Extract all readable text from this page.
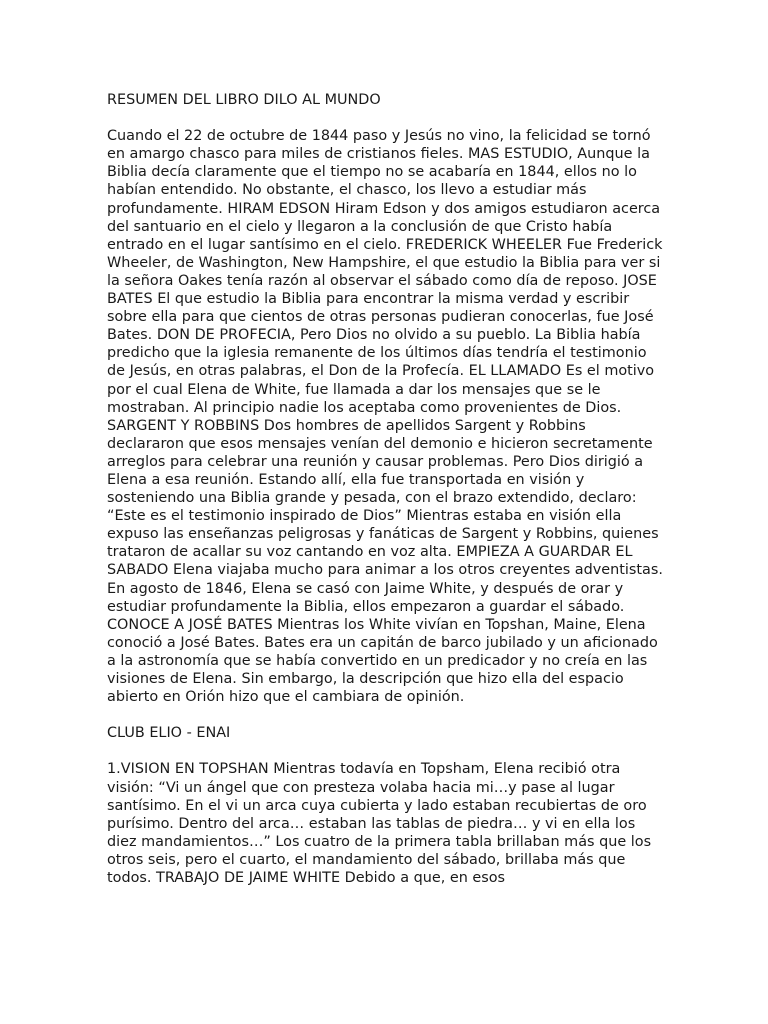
RESUMEN DEL LIBRO DILO AL MUNDO

Cuando el 22 de octubre de 1844 paso y Jesús no vino, la felicidad se tornó en amargo chasco para miles de cristianos fieles. MAS ESTUDIO, Aunque la Biblia decía claramente que el tiempo no se acabaría en 1844, ellos no lo habían entendido. No obstante, el chasco, los llevo a estudiar más profundamente. HIRAM EDSON Hiram Edson y dos amigos estudiaron acerca del santuario en el cielo y llegaron a la conclusión de que Cristo había entrado en el lugar santísimo en el cielo. FREDERICK WHEELER Fue Frederick Wheeler, de Washington, New Hampshire, el que estudio la Biblia para ver si la señora Oakes tenía razón al observar el sábado como día de reposo. JOSE BATES El que estudio la Biblia para encontrar la misma verdad y escribir sobre ella para que cientos de otras personas pudieran conocerlas, fue José Bates. DON DE PROFECIA, Pero Dios no olvido a su pueblo. La Biblia había predicho que la iglesia remanente de los últimos días tendría el testimonio de Jesús, en otras palabras, el Don de la Profecía. EL LLAMADO Es el motivo por el cual Elena de White, fue llamada a dar los mensajes que se le mostraban. Al principio nadie los aceptaba como provenientes de Dios. SARGENT Y ROBBINS Dos hombres de apellidos Sargent y Robbins declararon que esos mensajes venían del demonio e hicieron secretamente arreglos para celebrar una reunión y causar problemas. Pero Dios dirigió a Elena a esa reunión. Estando allí, ella fue transportada en visión y sosteniendo una Biblia grande y pesada, con el brazo extendido, declaro: “Este es el testimonio inspirado de Dios” Mientras estaba en visión ella expuso las enseñanzas peligrosas y fanáticas de Sargent y Robbins, quienes trataron de acallar su voz cantando en voz alta. EMPIEZA A GUARDAR EL SABADO Elena viajaba mucho para animar a los otros creyentes adventistas. En agosto de 1846, Elena se casó con Jaime White, y después de orar y estudiar profundamente la Biblia, ellos empezaron a guardar el sábado. CONOCE A JOSÉ BATES Mientras los White vivían en Topshan, Maine, Elena conoció a José Bates. Bates era un capitán de barco jubilado y un aficionado a la astronomía que se había convertido en un predicador y no creía en las visiones de Elena. Sin embargo, la descripción que hizo ella del espacio abierto en Orión hizo que el cambiara de opinión.

CLUB ELIO - ENAI

1.VISION EN TOPSHAN Mientras todavía en Topsham, Elena recibió otra visión: “Vi un ángel que con presteza volaba hacia mi…y pase al lugar santísimo. En el vi un arca cuya cubierta y lado estaban recubiertas de oro purísimo. Dentro del arca… estaban las tablas de piedra… y vi en ella los diez mandamientos…” Los cuatro de la primera tabla brillaban más que los otros seis, pero el cuarto, el mandamiento del sábado, brillaba más que todos. TRABAJO DE JAIME WHITE Debido a que, en esos
